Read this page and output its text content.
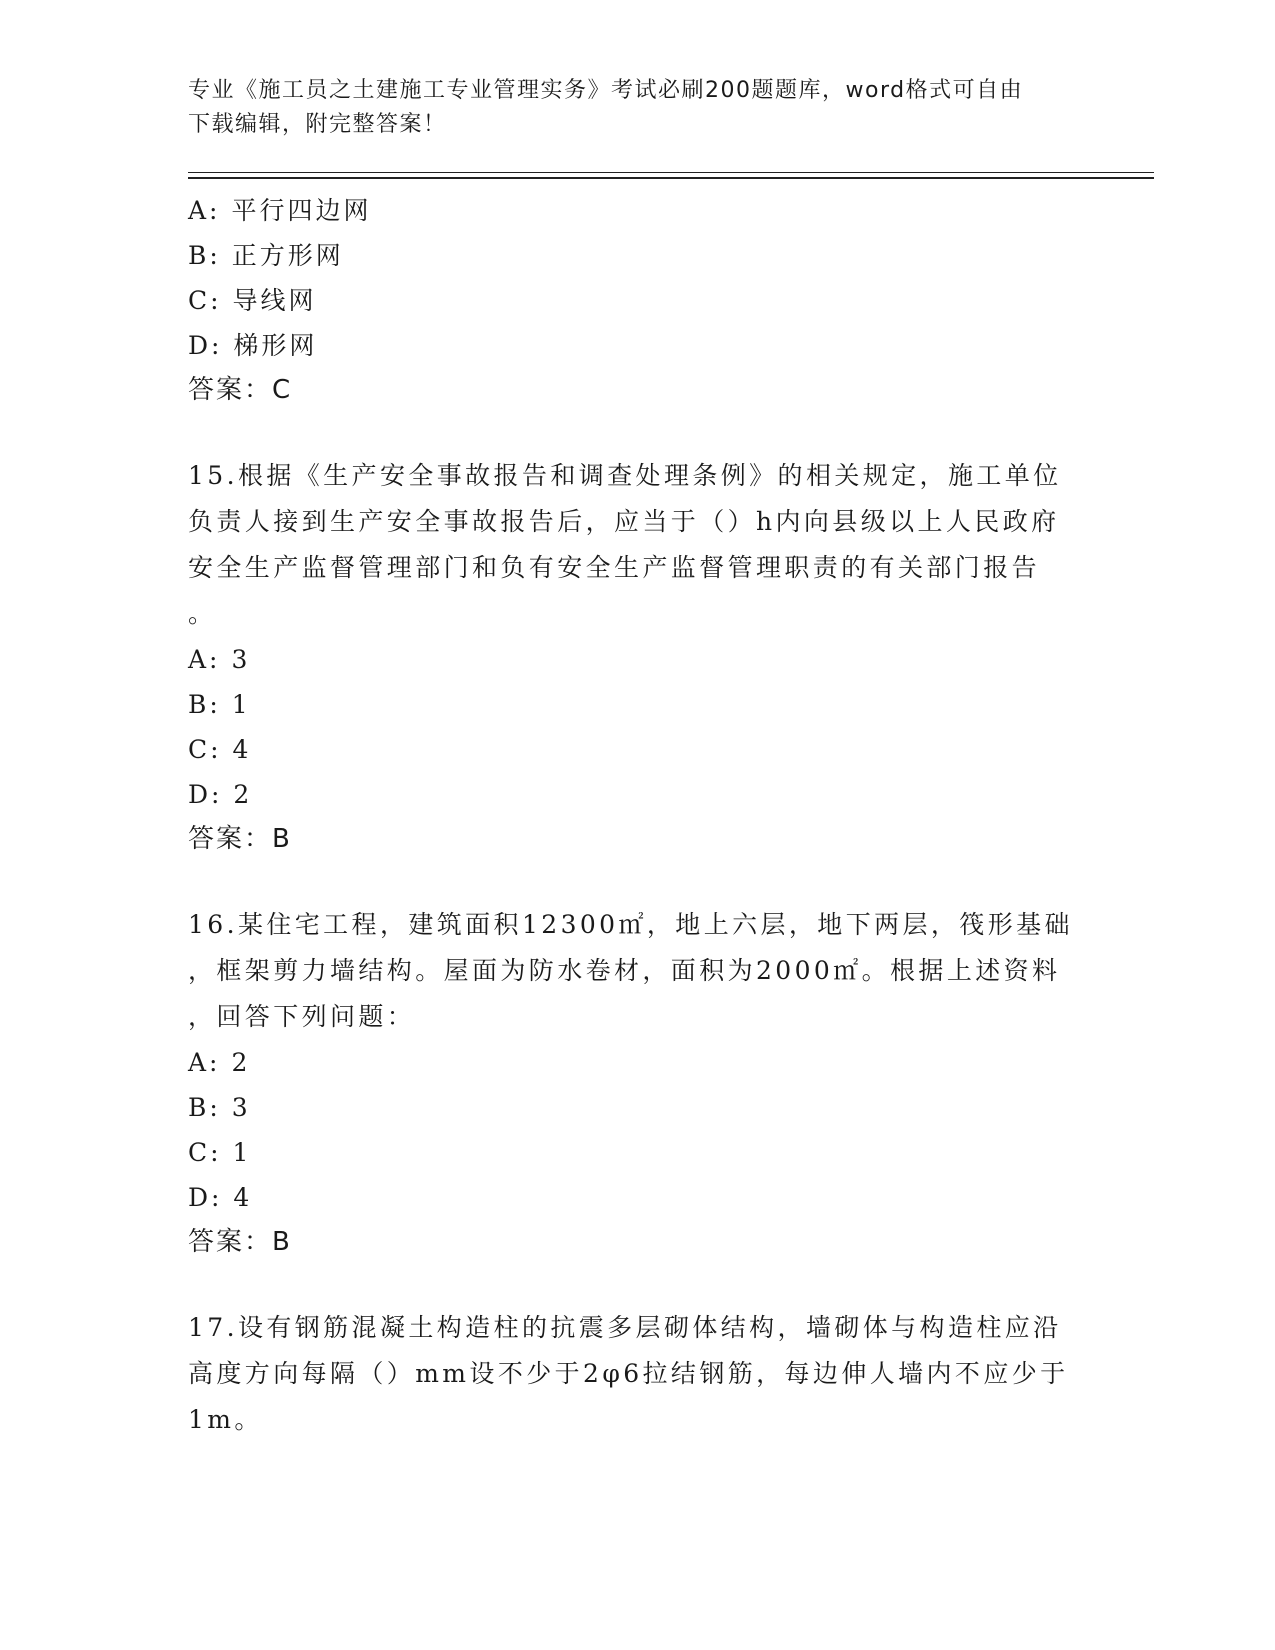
专业《施工员之土建施工专业管理实务》考试必刷200题题库，word格式可自由
下载编辑，附完整答案！
A: 平行四边网
B: 正方形网
C: 导线网
D: 梯形网
答案：C
15.根据《生产安全事故报告和调查处理条例》的相关规定，施工单位
负责人接到生产安全事故报告后，应当于（）h内向县级以上人民政府
安全生产监督管理部门和负有安全生产监督管理职责的有关部门报告
。
A: 3
B: 1
C: 4
D: 2
答案：B
16.某住宅工程，建筑面积12300㎡，地上六层，地下两层，筏形基础
，框架剪力墙结构。屋面为防水卷材，面积为2000㎡。根据上述资料
，回答下列问题：
A: 2
B: 3
C: 1
D: 4
答案：B
17.设有钢筋混凝土构造柱的抗震多层砌体结构，墙砌体与构造柱应沿
高度方向每隔（）mm设不少于2φ6拉结钢筋，每边伸人墙内不应少于
1m。
